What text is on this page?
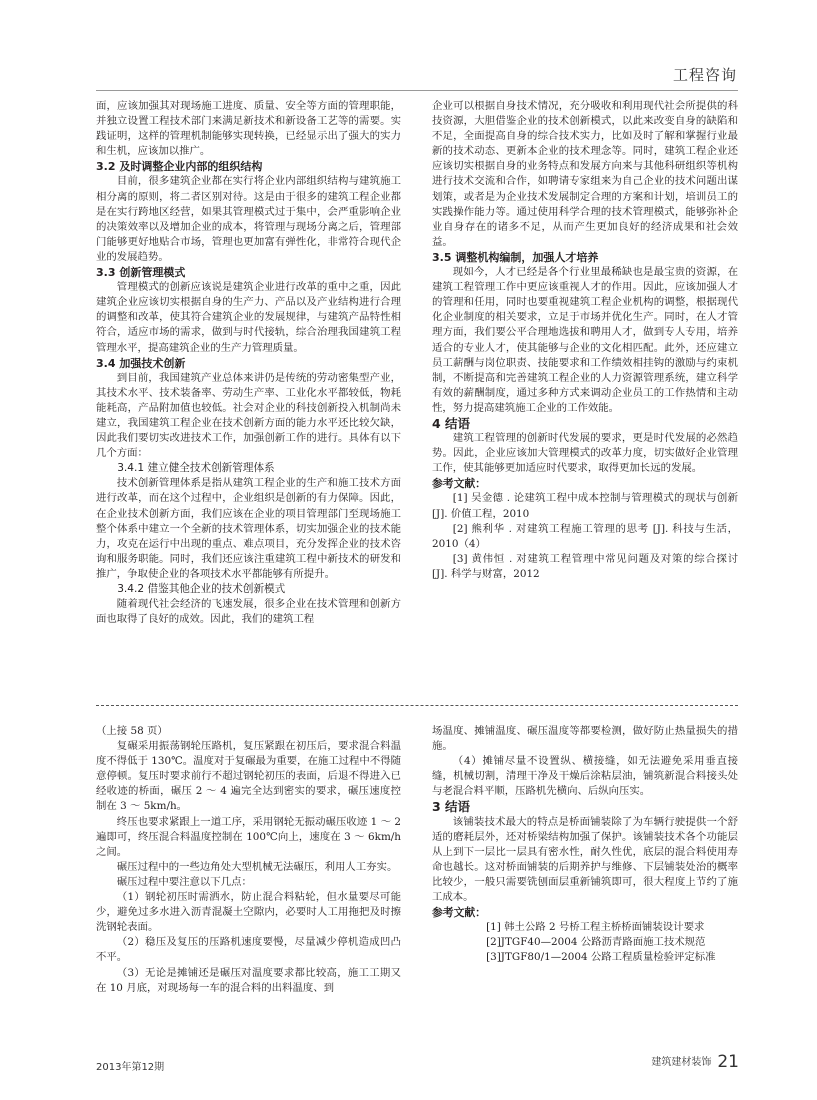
工程咨询

面，应该加强其对现场施工进度、质量、安全等方面的管理职能，并独立设置工程技术部门来满足新技术和新设备工艺等的需要。实践证明，这样的管理机制能够实现转换，已经显示出了强大的实力和生机，应该加以推广。

3.2 及时调整企业内部的组织结构

目前，很多建筑企业都在实行将企业内部组织结构与建筑施工相分离的原则，将二者区别对待。这是由于很多的建筑工程企业都是在实行跨地区经营，如果其管理模式过于集中，会严重影响企业的决策效率以及增加企业的成本，将管理与现场分离之后，管理部门能够更好地贴合市场，管理也更加富有弹性化，非常符合现代企业的发展趋势。

3.3 创新管理模式

管理模式的创新应该说是建筑企业进行改革的重中之重，因此建筑企业应该切实根据自身的生产力、产品以及产业结构进行合理的调整和改革，使其符合建筑企业的发展规律，与建筑产品特性相符合，适应市场的需求，做到与时代接轨，综合治理我国建筑工程管理水平，提高建筑企业的生产力管理质量。

3.4 加强技术创新

到目前，我国建筑产业总体来讲仍是传统的劳动密集型产业，其技术水平、技术装备率、劳动生产率、工业化水平都较低，物耗能耗高，产品附加值也较低。社会对企业的科技创新投入机制尚未建立，我国建筑工程企业在技术创新方面的能力水平还比较欠缺，因此我们要切实改进技术工作，加强创新工作的进行。具体有以下几个方面：

3.4.1 建立健全技术创新管理体系

技术创新管理体系是指从建筑工程企业的生产和施工技术方面进行改革，而在这个过程中，企业组织是创新的有力保障。因此，在企业技术创新方面，我们应该在企业的项目管理部门至现场施工整个体系中建立一个全新的技术管理体系，切实加强企业的技术能力，攻克在运行中出现的重点、难点项目，充分发挥企业的技术咨询和服务职能。同时，我们还应该注重建筑工程中新技术的研发和推广，争取使企业的各项技术水平都能够有所提升。

3.4.2 借鉴其他企业的技术创新模式

随着现代社会经济的飞速发展，很多企业在技术管理和创新方面也取得了良好的成效。因此，我们的建筑工程

企业可以根据自身技术情况，充分吸收和利用现代社会所提供的科技资源，大胆借鉴企业的技术创新模式，以此来改变自身的缺陷和不足，全面提高自身的综合技术实力，比如及时了解和掌握行业最新的技术动态、更新本企业的技术理念等。同时，建筑工程企业还应该切实根据自身的业务特点和发展方向来与其他科研组织等机构进行技术交流和合作，如聘请专家组来为自己企业的技术问题出谋划策，或者是为企业技术发展制定合理的方案和计划，培训员工的实践操作能力等。通过使用科学合理的技术管理模式，能够弥补企业自身存在的诸多不足，从而产生更加良好的经济成果和社会效益。

3.5 调整机构编制，加强人才培养

现如今，人才已经是各个行业里最稀缺也是最宝贵的资源，在建筑工程管理工作中更应该重视人才的作用。因此，应该加强人才的管理和任用，同时也要重视建筑工程企业机构的调整，根据现代化企业制度的相关要求，立足于市场并优化生产。同时，在人才管理方面，我们要公平合理地选拔和聘用人才，做到专人专用，培养适合的专业人才，使其能够与企业的文化相匹配。此外，还应建立员工薪酬与岗位职责、技能要求和工作绩效相挂钩的激励与约束机制，不断提高和完善建筑工程企业的人力资源管理系统，建立科学有效的薪酬制度，通过多种方式来调动企业员工的工作热情和主动性，努力提高建筑施工企业的工作效能。

4 结语

建筑工程管理的创新时代发展的要求，更是时代发展的必然趋势。因此，企业应该加大管理模式的改革力度，切实做好企业管理工作，使其能够更加适应时代要求，取得更加长远的发展。

参考文献：

[1] 吴金德 . 论建筑工程中成本控制与管理模式的现状与创新 [J]. 价值工程，2010

[2] 熊利华 . 对建筑工程施工管理的思考 [J]. 科技与生活，2010（4）

[3] 黄伟恒 . 对建筑工程管理中常见问题及对策的综合探讨 [J]. 科学与财富，2012

（上接 58 页）

复碾采用振荡钢轮压路机，复压紧跟在初压后，要求混合料温度不得低于 130℃。温度对于复碾最为重要，在施工过程中不得随意停顿。复压时要求前行不超过钢轮初压的表面，后退不得进入已经收迹的桥面，碾压 2 ～ 4 遍完全达到密实的要求，碾压速度控制在 3 ～ 5km/h。

终压也要求紧跟上一道工序，采用钢轮无振动碾压收迹 1 ～ 2 遍即可，终压混合料温度控制在 100℃向上，速度在 3 ～ 6km/h 之间。

碾压过程中的一些边角处大型机械无法碾压，利用人工夯实。

碾压过程中要注意以下几点：

（1）钢轮初压时需洒水，防止混合料粘轮，但水量要尽可能少，避免过多水进入沥青混凝土空隙内，必要时人工用拖把及时擦洗钢轮表面。

（2）稳压及复压的压路机速度要慢，尽量减少停机造成凹凸不平。

（3）无论是摊铺还是碾压对温度要求都比较高，施工工期又在 10 月底，对现场每一车的混合料的出料温度、到

场温度、摊铺温度、碾压温度等都要检测，做好防止热量损失的措施。

（4）摊铺尽量不设置纵、横接缝，如无法避免采用垂直接缝，机械切割，清理干净及干燥后涂粘层油，铺筑新混合料接头处与老混合料平顺，压路机先横向、后纵向压实。

3 结语

该铺装技术最大的特点是桥面铺装除了为车辆行驶提供一个舒适的磨耗层外，还对桥梁结构加强了保护。该铺装技术各个功能层从上到下一层比一层具有密水性，耐久性优，底层的混合料使用寿命也越长。这对桥面铺装的后期养护与维修、下层铺装处治的概率比较少，一般只需要铣刨面层重新铺筑即可，很大程度上节约了施工成本。

参考文献：

[1] 韩土公路 2 号桥工程主桥桥面铺装设计要求

[2]JTGF40—2004 公路沥青路面施工技术规范

[3]JTGF80/1—2004 公路工程质量检验评定标准

2013年第12期	建筑建材装饰 21
